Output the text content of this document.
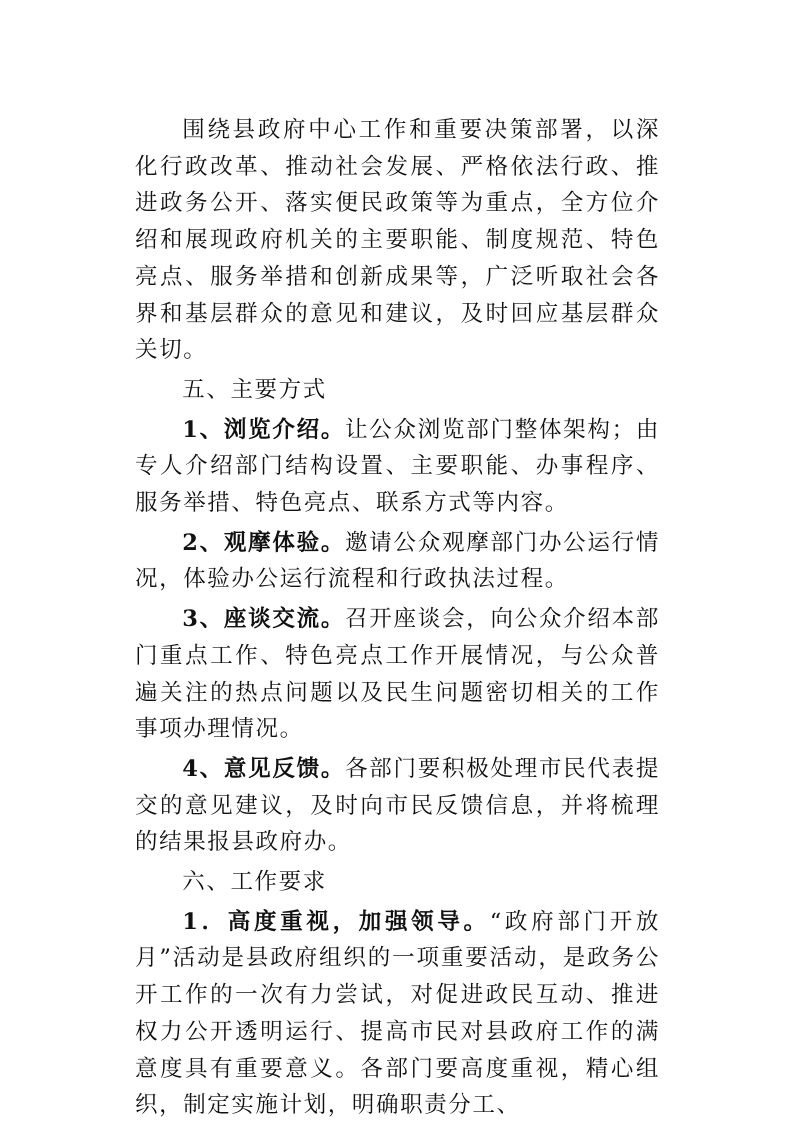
围绕县政府中心工作和重要决策部署，以深化行政改革、推动社会发展、严格依法行政、推进政务公开、落实便民政策等为重点，全方位介绍和展现政府机关的主要职能、制度规范、特色亮点、服务举措和创新成果等，广泛听取社会各界和基层群众的意见和建议，及时回应基层群众关切。

五、主要方式

1、浏览介绍。让公众浏览部门整体架构；由专人介绍部门结构设置、主要职能、办事程序、服务举措、特色亮点、联系方式等内容。

2、观摩体验。邀请公众观摩部门办公运行情况，体验办公运行流程和行政执法过程。

3、座谈交流。召开座谈会，向公众介绍本部门重点工作、特色亮点工作开展情况，与公众普遍关注的热点问题以及民生问题密切相关的工作事项办理情况。

4、意见反馈。各部门要积极处理市民代表提交的意见建议，及时向市民反馈信息，并将梳理的结果报县政府办。

六、工作要求

1．高度重视，加强领导。“政府部门开放月”活动是县政府组织的一项重要活动，是政务公开工作的一次有力尝试，对促进政民互动、推进权力公开透明运行、提高市民对县政府工作的满意度具有重要意义。各部门要高度重视，精心组织，制定实施计划，明确职责分工、
